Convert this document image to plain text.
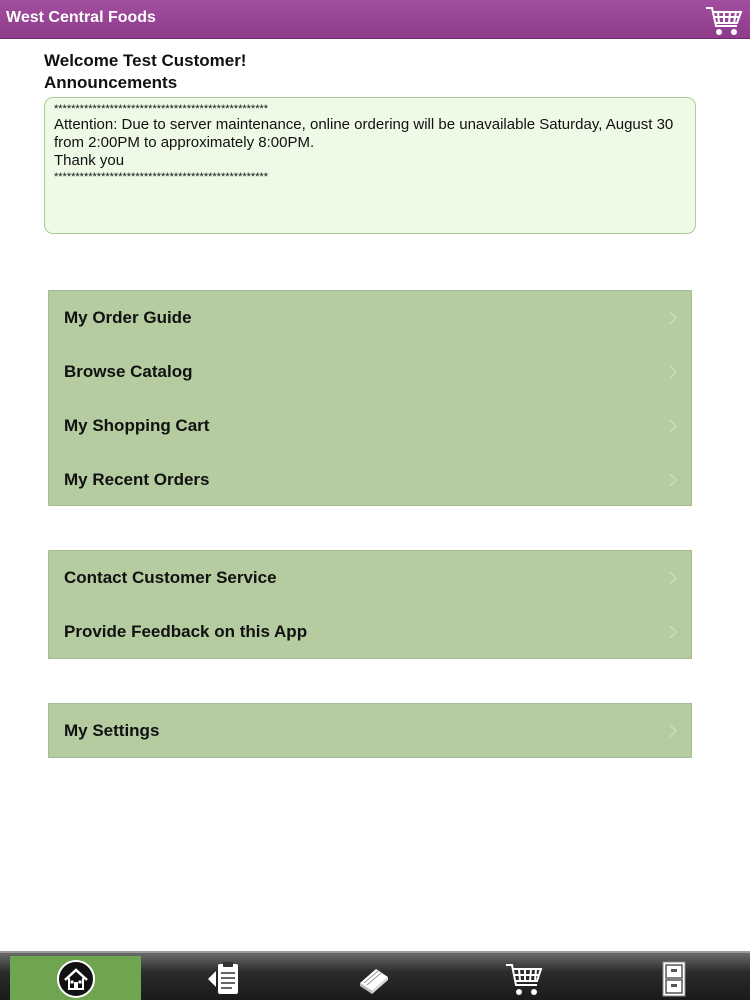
West Central Foods
Welcome Test Customer!
Announcements

**************************************************

Attention: Due to server maintenance, online ordering will be unavailable Saturday, August 30 from 2:00PM to approximately 8:00PM.

Thank you

**************************************************

My Order Guide
Browse Catalog
My Shopping Cart
My Recent Orders
Contact Customer Service
Provide Feedback on this App
My Settings
